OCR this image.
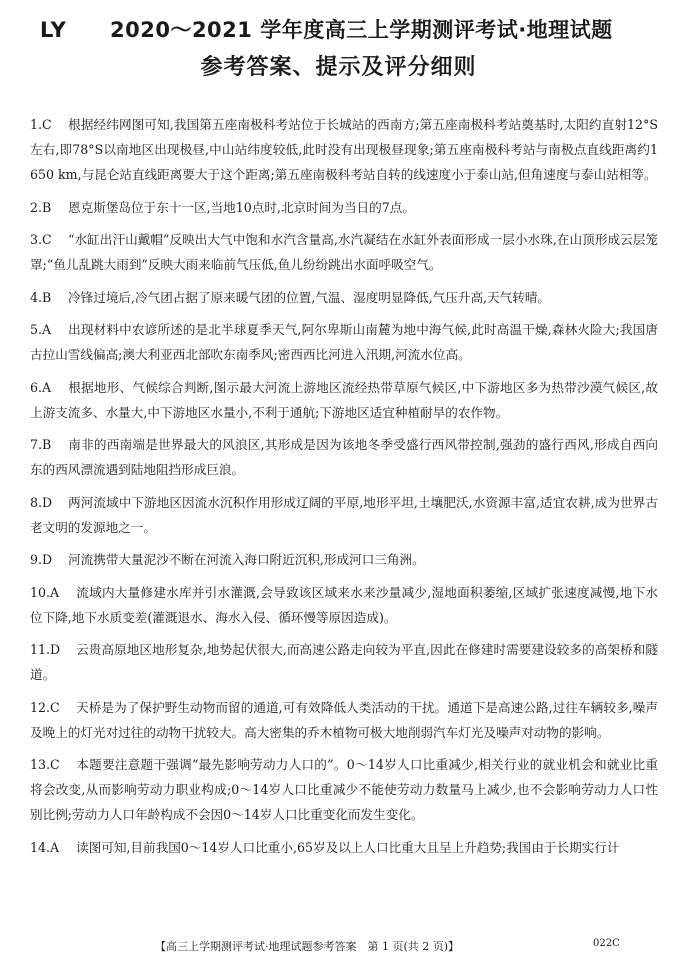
LY 2020～2021 学年度高三上学期测评考试·地理试题
参考答案、提示及评分细则
1.C 根据经纬网图可知,我国第五座南极科考站位于长城站的西南方;第五座南极科考站奠基时,太阳约直射12°S左右,即78°S以南地区出现极昼,中山站纬度较低,此时没有出现极昼现象;第五座南极科考站与南极点直线距离约1 650 km,与昆仑站直线距离要大于这个距离;第五座南极科考站自转的线速度小于泰山站,但角速度与泰山站相等。
2.B 恩克斯堡岛位于东十一区,当地10点时,北京时间为当日的7点。
3.C “水缸出汗山戴帽”反映出大气中饱和水汽含量高,水汽凝结在水缸外表面形成一层小水珠,在山顶形成云层笼罩;“鱼儿乱跳大雨到”反映大雨来临前气压低,鱼儿纷纷跳出水面呼吸空气。
4.B 冷锋过境后,冷气团占据了原来暖气团的位置,气温、湿度明显降低,气压升高,天气转晴。
5.A 出现材料中农谚所述的是北半球夏季天气,阿尔卑斯山南麓为地中海气候,此时高温干燥,森林火险大;我国唐古拉山雪线偏高;澳大利亚西北部吹东南季风;密西西比河进入汛期,河流水位高。
6.A 根据地形、气候综合判断,图示最大河流上游地区流经热带草原气候区,中下游地区多为热带沙漠气候区,故上游支流多、水量大,中下游地区水量小,不利于通航;下游地区适宜种植耐旱的农作物。
7.B 南非的西南端是世界最大的风浪区,其形成是因为该地冬季受盛行西风带控制,强劲的盛行西风,形成自西向东的西风漂流遇到陆地阻挡形成巨浪。
8.D 两河流域中下游地区因流水沉积作用形成辽阔的平原,地形平坦,土壤肥沃,水资源丰富,适宜农耕,成为世界古老文明的发源地之一。
9.D 河流携带大量泥沙不断在河流入海口附近沉积,形成河口三角洲。
10.A 流域内大量修建水库并引水灌溉,会导致该区域来水来沙量减少,湿地面积萎缩,区域扩张速度减慢,地下水位下降,地下水质变差(灌溉退水、海水入侵、循环慢等原因造成)。
11.D 云贵高原地区地形复杂,地势起伏很大,而高速公路走向较为平直,因此在修建时需要建设较多的高架桥和隧道。
12.C 天桥是为了保护野生动物而留的通道,可有效降低人类活动的干扰。通道下是高速公路,过往车辆较多,噪声及晚上的灯光对过往的动物干扰较大。高大密集的乔木植物可极大地削弱汽车灯光及噪声对动物的影响。
13.C 本题要注意题干强调“最先影响劳动力人口的”。0～14岁人口比重减少,相关行业的就业机会和就业比重将会改变,从而影响劳动力职业构成;0～14岁人口比重减少不能使劳动力数量马上减少,也不会影响劳动力人口性别比例;劳动力人口年龄构成不会因0～14岁人口比重变化而发生变化。
14.A 读图可知,目前我国0～14岁人口比重小,65岁及以上人口比重大且呈上升趋势;我国由于长期实行计
【高三上学期测评考试·地理试题参考答案　第 1 页(共 2 页)】	022C
